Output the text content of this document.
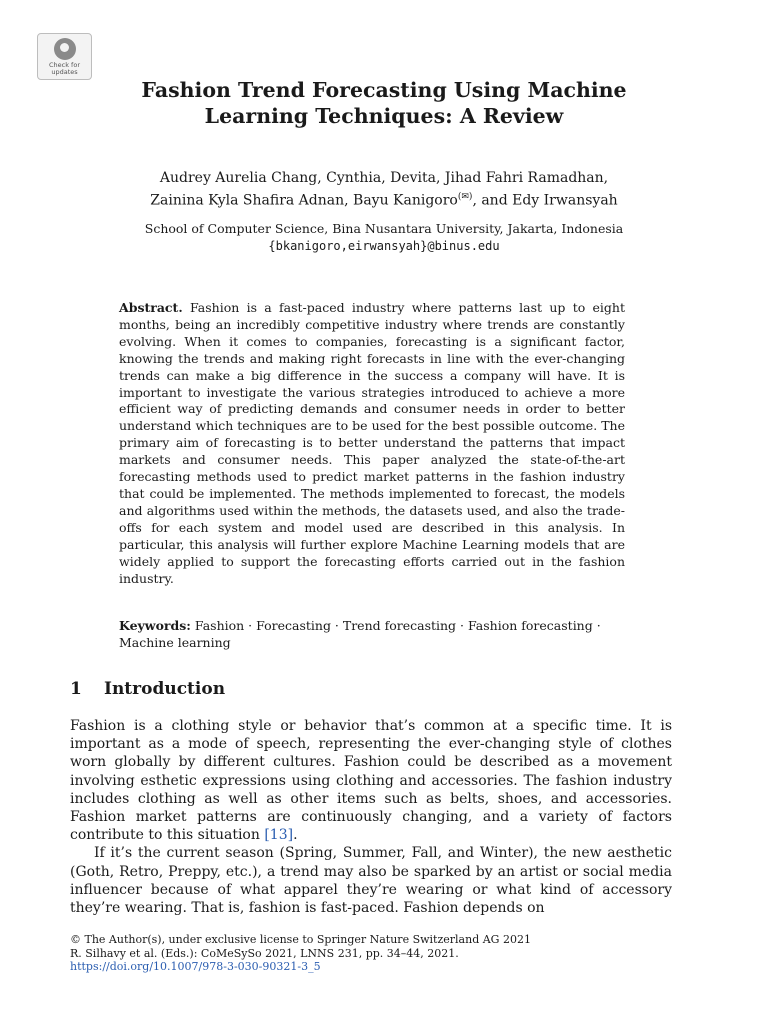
Check for
updates
Fashion Trend Forecasting Using Machine
Learning Techniques: A Review
Audrey Aurelia Chang, Cynthia, Devita, Jihad Fahri Ramadhan,
Zainina Kyla Shafira Adnan, Bayu Kanigoro(✉), and Edy Irwansyah
School of Computer Science, Bina Nusantara University, Jakarta, Indonesia
{bkanigoro,eirwansyah}@binus.edu

Abstract. Fashion is a fast-paced industry where patterns last up to eight months, being an incredibly competitive industry where trends are constantly evolving. When it comes to companies, forecasting is a significant factor, knowing the trends and making right forecasts in line with the ever-changing trends can make a big difference in the success a company will have. It is important to investigate the various strategies introduced to achieve a more efficient way of predicting demands and consumer needs in order to better understand which techniques are to be used for the best possible outcome. The primary aim of forecasting is to better understand the patterns that impact markets and consumer needs. This paper analyzed the state-of-the-art forecasting methods used to predict market patterns in the fashion industry that could be implemented. The methods implemented to forecast, the models and algorithms used within the methods, the datasets used, and also the trade-offs for each system and model used are described in this analysis. In particular, this analysis will further explore Machine Learning models that are widely applied to support the forecasting efforts carried out in the fashion industry.

Keywords: Fashion · Forecasting · Trend forecasting · Fashion forecasting · Machine learning

1 Introduction

Fashion is a clothing style or behavior that’s common at a specific time. It is important as a mode of speech, representing the ever-changing style of clothes worn globally by different cultures. Fashion could be described as a movement involving esthetic expressions using clothing and accessories. The fashion industry includes clothing as well as other items such as belts, shoes, and accessories. Fashion market patterns are continuously changing, and a variety of factors contribute to this situation [13].

If it’s the current season (Spring, Summer, Fall, and Winter), the new aesthetic (Goth, Retro, Preppy, etc.), a trend may also be sparked by an artist or social media influencer because of what apparel they’re wearing or what kind of accessory they’re wearing. That is, fashion is fast-paced. Fashion depends on

© The Author(s), under exclusive license to Springer Nature Switzerland AG 2021
R. Silhavy et al. (Eds.): CoMeSySo 2021, LNNS 231, pp. 34–44, 2021.
https://doi.org/10.1007/978-3-030-90321-3_5
